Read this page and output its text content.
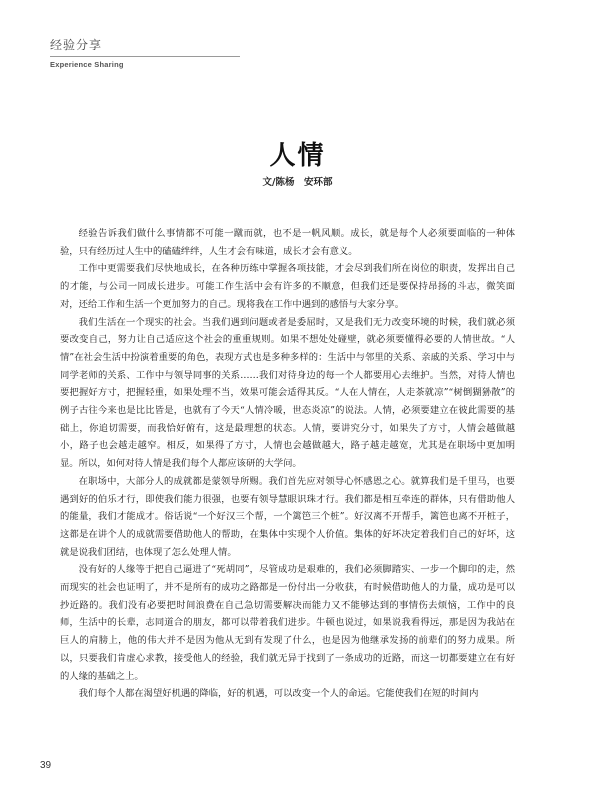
经验分享
Experience Sharing
人情
文/陈杨　安环部

经验告诉我们做什么事情都不可能一蹴而就，也不是一帆风顺。成长，就是每个人必须要面临的一种体验，只有经历过人生中的磕磕绊绊，人生才会有味道，成长才会有意义。

工作中更需要我们尽快地成长，在各种历练中掌握各项技能，才会尽到我们所在岗位的职责，发挥出自己的才能，与公司一同成长进步。可能工作生活中会有许多的不顺意，但我们还是要保持昂扬的斗志，微笑面对，还给工作和生活一个更加努力的自己。现将我在工作中遇到的感悟与大家分享。

我们生活在一个现实的社会。当我们遇到问题或者是委屈时，又是我们无力改变环境的时候，我们就必须要改变自己，努力让自己适应这个社会的重重规则。如果不想处处碰壁，就必须要懂得必要的人情世故。“人情”在社会生活中扮演着重要的角色，表现方式也是多种多样的：生活中与邻里的关系、亲戚的关系、学习中与同学老师的关系、工作中与领导同事的关系……我们对待身边的每一个人都要用心去维护。当然，对待人情也要把握好方寸，把握轻重，如果处理不当，效果可能会适得其反。“人在人情在，人走茶就凉”“树倒猢狲散”的例子古往今来也是比比皆是，也就有了今天“人情冷暖，世态炎凉”的说法。人情，必须要建立在彼此需要的基础上，你追切需要，而我恰好俯有，这是最理想的状态。人情，要讲究分寸，如果失了方寸，人情会越做越小，路子也会越走越窄。相反，如果得了方寸，人情也会越做越大，路子越走越宽，尤其是在职场中更加明显。所以，如何对待人情是我们每个人都应该研的大学问。

在职场中，大部分人的成就都是蒙领导所赐。我们首先应对领导心怀感恩之心。就算我们是千里马，也要遇到好的伯乐才行，即使我们能力很强，也要有领导慧眼识珠才行。我们都是相互牵连的群体，只有借助他人的能量，我们才能成才。俗话说“一个好汉三个帮，一个篱笆三个桩”。好汉离不开帮手，篱笆也离不开桩子，这都是在讲个人的成就需要借助他人的帮助，在集体中实现个人价值。集体的好坏决定着我们自己的好坏，这就是说我们团结，也体现了怎么处理人情。

没有好的人缘等于把自己逼进了“死胡同”，尽管成功是艰难的，我们必须脚踏实、一步一个脚印的走，然而现实的社会也证明了，并不是所有的成功之路都是一份付出一分收获，有时候借助他人的力量，成功是可以抄近路的。我们没有必要把时间浪费在自己急切需要解决而能力又不能够达到的事情伤去烦恼，工作中的良师，生活中的长辈，志同道合的朋友，都可以带着我们进步。牛顿也说过，如果说我看得远，那是因为我站在巨人的肩膀上，他的伟大并不是因为他从无到有发现了什么，也是因为他继承发扬的前辈们的努力成果。所以，只要我们肯虚心求教，接受他人的经验，我们就无异于找到了一条成功的近路，而这一切都要建立在有好的人缘的基础之上。

我们每个人都在渴望好机遇的降临，好的机遇，可以改变一个人的命运。它能使我们在短的时间内

39
